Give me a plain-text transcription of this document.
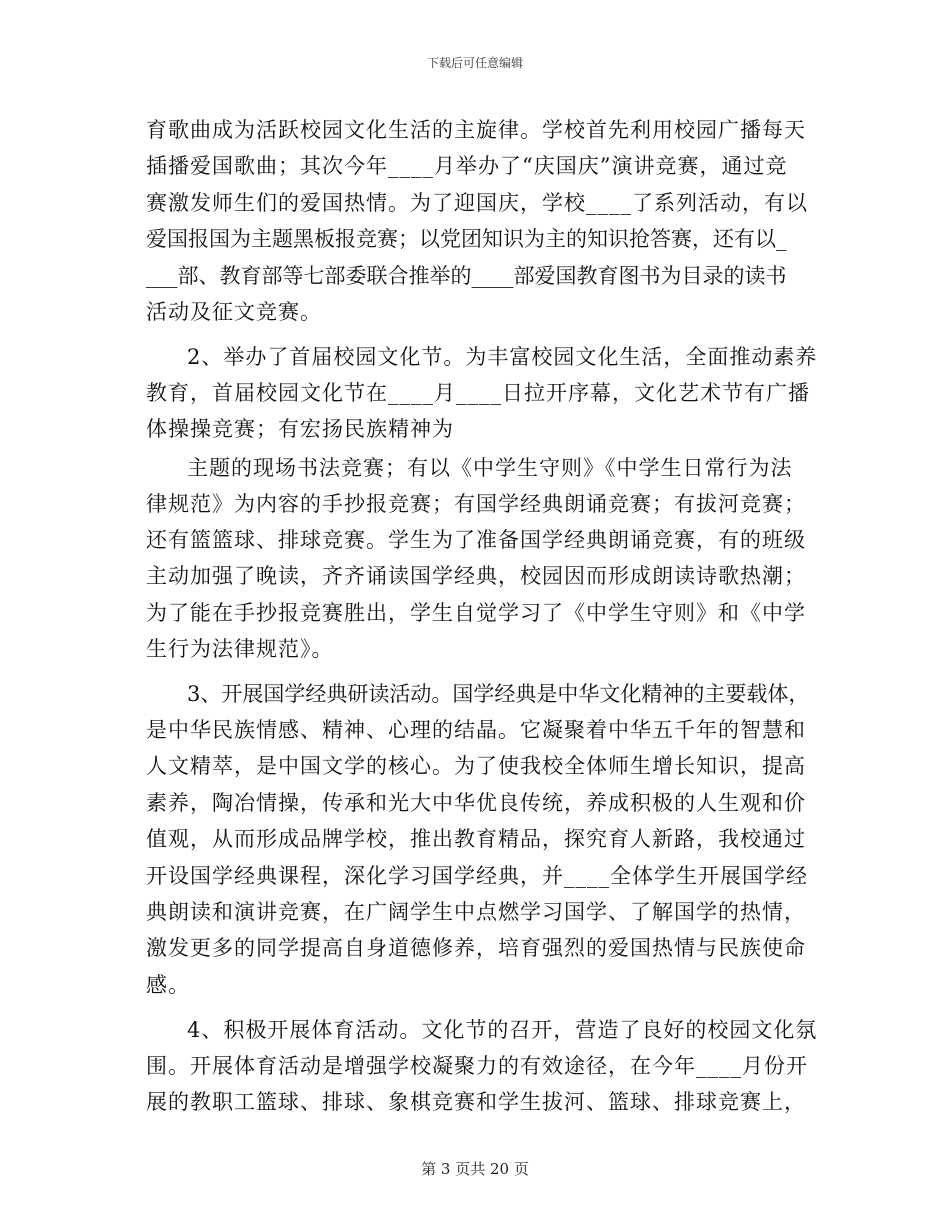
下载后可任意编辑
育歌曲成为活跃校园文化生活的主旋律。学校首先利用校园广播每天
插播爱国歌曲；其次今年____月举办了“庆国庆”演讲竞赛，通过竞
赛激发师生们的爱国热情。为了迎国庆，学校____了系列活动，有以
爱国报国为主题黑板报竞赛；以党团知识为主的知识抢答赛，还有以_
___部、教育部等七部委联合推举的____部爱国教育图书为目录的读书
活动及征文竞赛。
2、举办了首届校园文化节。为丰富校园文化生活，全面推动素养
教育，首届校园文化节在____月____日拉开序幕，文化艺术节有广播
体操操竞赛；有宏扬民族精神为
主题的现场书法竞赛；有以《中学生守则》《中学生日常行为法
律规范》为内容的手抄报竞赛；有国学经典朗诵竞赛；有拔河竞赛；
还有篮篮球、排球竞赛。学生为了准备国学经典朗诵竞赛，有的班级
主动加强了晚读，齐齐诵读国学经典，校园因而形成朗读诗歌热潮；
为了能在手抄报竞赛胜出，学生自觉学习了《中学生守则》和《中学
生行为法律规范》。
3、开展国学经典研读活动。国学经典是中华文化精神的主要载体，
是中华民族情感、精神、心理的结晶。它凝聚着中华五千年的智慧和
人文精萃，是中国文学的核心。为了使我校全体师生增长知识，提高
素养，陶冶情操，传承和光大中华优良传统，养成积极的人生观和价
值观，从而形成品牌学校，推出教育精品，探究育人新路，我校通过
开设国学经典课程，深化学习国学经典，并____全体学生开展国学经
典朗读和演讲竞赛，在广阔学生中点燃学习国学、了解国学的热情，
激发更多的同学提高自身道德修养，培育强烈的爱国热情与民族使命
感。
4、积极开展体育活动。文化节的召开，营造了良好的校园文化氛
围。开展体育活动是增强学校凝聚力的有效途径，在今年____月份开
展的教职工篮球、排球、象棋竞赛和学生拔河、篮球、排球竞赛上，
第 3 页共 20 页
